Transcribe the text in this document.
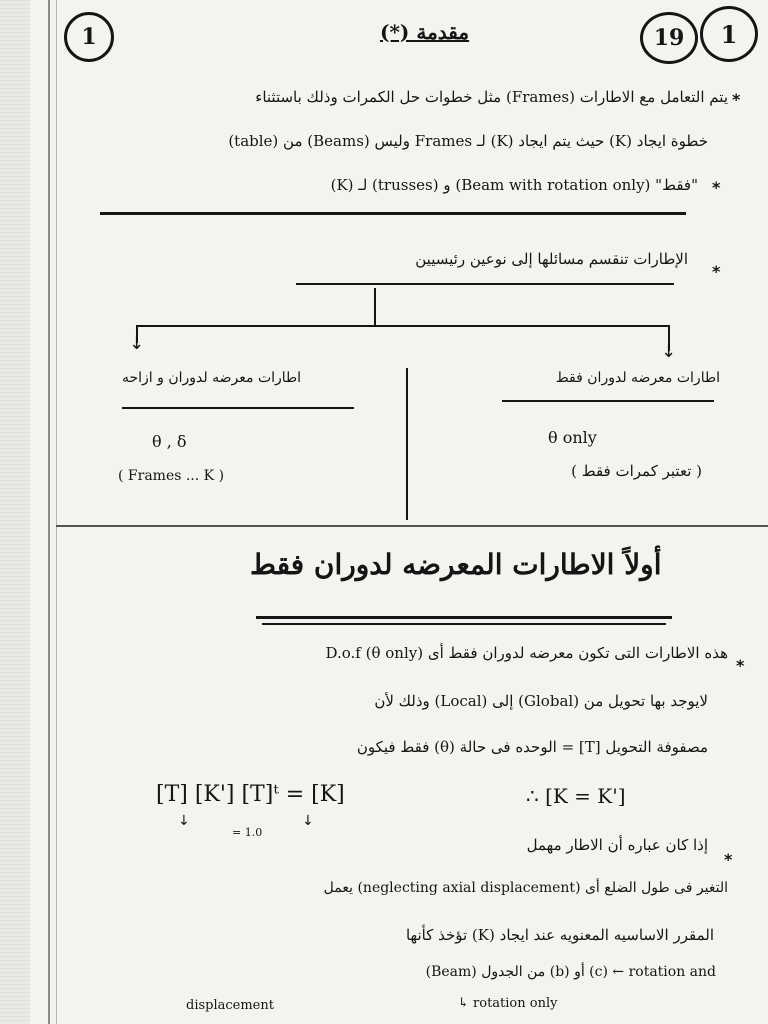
1	مقدمة (*)	19	1
*
يتم التعامل مع الاطارات (Frames) مثل خطوات حل الكمرات وذلك باستثناء
خطوة ايجاد (K) حيث يتم ايجاد (K) لـ Frames وليس (Beams) من (table)
*
(K) لـ (trusses) و (Beam with rotation only) "فقط"
*
الإطارات تنقسم مسائلها إلى نوعين رئيسيين
↓	↓
اطارات معرضه لدوران فقط
θ only
( تعتبر كمرات فقط )
اطارات معرضه لدوران و ازاحه
θ , δ
( Frames ... K )
أولاً الاطارات المعرضه لدوران فقط
*
هذه الاطارات التى تكون معرضه لدوران فقط أى D.o.f (θ only)
لايوجد بها تحويل من (Global) إلى (Local) وذلك لأن
مصفوفة التحويل [T] = الوحده فى حالة (θ) فقط فيكون
[T] [K'] [T]ᵗ = [K]	∴ [K = K']
↓	↓
= 1.0
*
إذا كان عباره أن الاطار مهمل
التغير فى طول الضلع أى (neglecting axial displacement) يعمل
المقرر الاساسيه المعنويه عند ايجاد (K) تؤخذ كأنها
(Beam) من الجدول (b) أو (c) ← rotation and
displacement	↳ rotation only
